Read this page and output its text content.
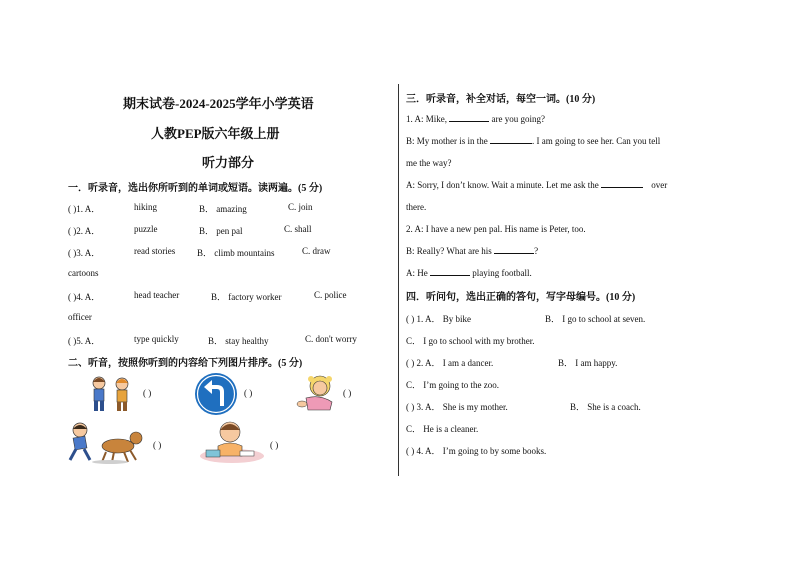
期末试卷-2024-2025学年小学英语
人教PEP版六年级上册
听力部分
一．听录音，选出你所听到的单词或短语。读两遍。(5 分)
( )1. A．	hiking	B． amazing	C. join
( )2. A．	puzzle	B． pen pal	C. shall
( )3. A．	read stories B． climb mountains	C. draw
cartoons
( )4. A．	head teacher	B． factory worker	C. police
officer
( )5. A．	type quickly	B． stay healthy	C. don't worry
二、听音，按照你听到的内容给下列图片排序。(5 分)
( )	( )	( )
( )	( )
三．听录音，补全对话，每空一词。(10 分)
1. A: Mike,	are you going?
B: My mother is in the	. I am going to see her. Can you tell
me the way?
A: Sorry, I don’t know. Wait a minute. Let me ask the	over
there.
2. A: I have a new pen pal. His name is Peter, too.
B: Really? What are his	?
A: He	playing football.
四．听问句，选出正确的答句，写字母编号。(10 分)
( ) 1. A． By bike	B． I go to school at seven.
C． I go to school with my brother.
( ) 2. A． I am a dancer.	B． I am happy.
C． I’m going to the zoo.
( ) 3. A． She is my mother.	B． She is a coach.
C． He is a cleaner.
( ) 4. A． I’m going to by some books.
